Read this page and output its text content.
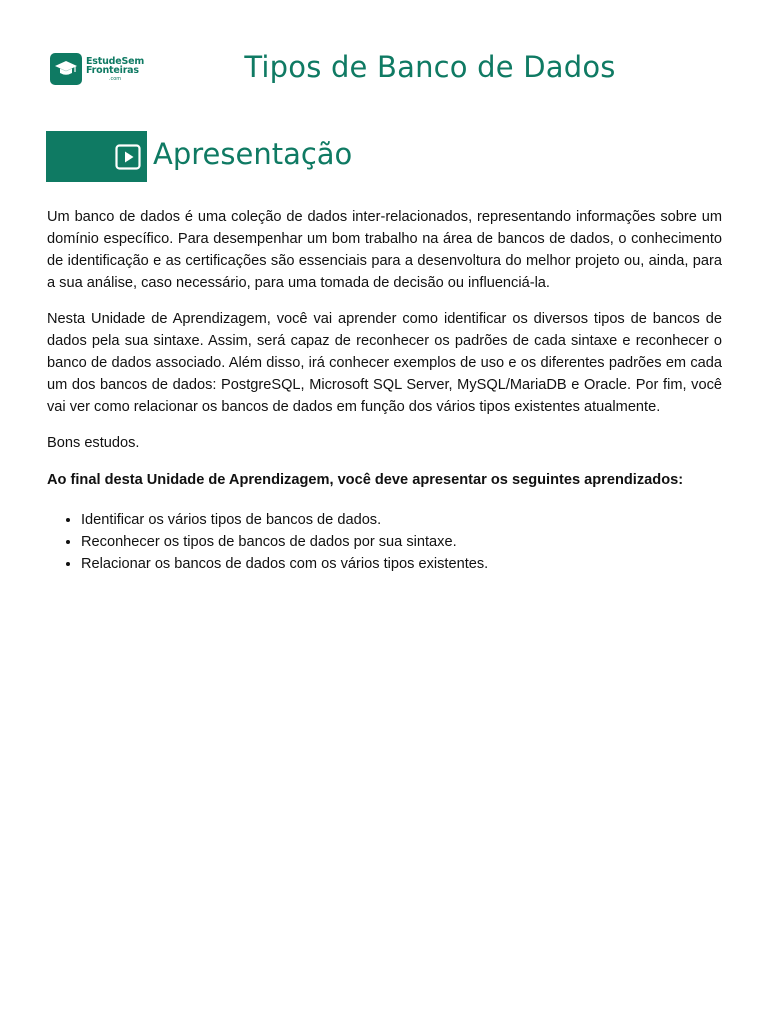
EstudeSem
Fronteiras
.com	Tipos de Banco de Dados
Apresentação

Um banco de dados é uma coleção de dados inter-relacionados, representando informações sobre um domínio específico. Para desempenhar um bom trabalho na área de bancos de dados, o conhecimento de identificação e as certificações são essenciais para a desenvoltura do melhor projeto ou, ainda, para a sua análise, caso necessário, para uma tomada de decisão ou influenciá-la.

Nesta Unidade de Aprendizagem, você vai aprender como identificar os diversos tipos de bancos de dados pela sua sintaxe. Assim, será capaz de reconhecer os padrões de cada sintaxe e reconhecer o banco de dados associado. Além disso, irá conhecer exemplos de uso e os diferentes padrões em cada um dos bancos de dados: PostgreSQL, Microsoft SQL Server, MySQL/MariaDB e Oracle. Por fim, você vai ver como relacionar os bancos de dados em função dos vários tipos existentes atualmente.

Bons estudos.

Ao final desta Unidade de Aprendizagem, você deve apresentar os seguintes aprendizados:

• Identificar os vários tipos de bancos de dados.
• Reconhecer os tipos de bancos de dados por sua sintaxe.
• Relacionar os bancos de dados com os vários tipos existentes.
